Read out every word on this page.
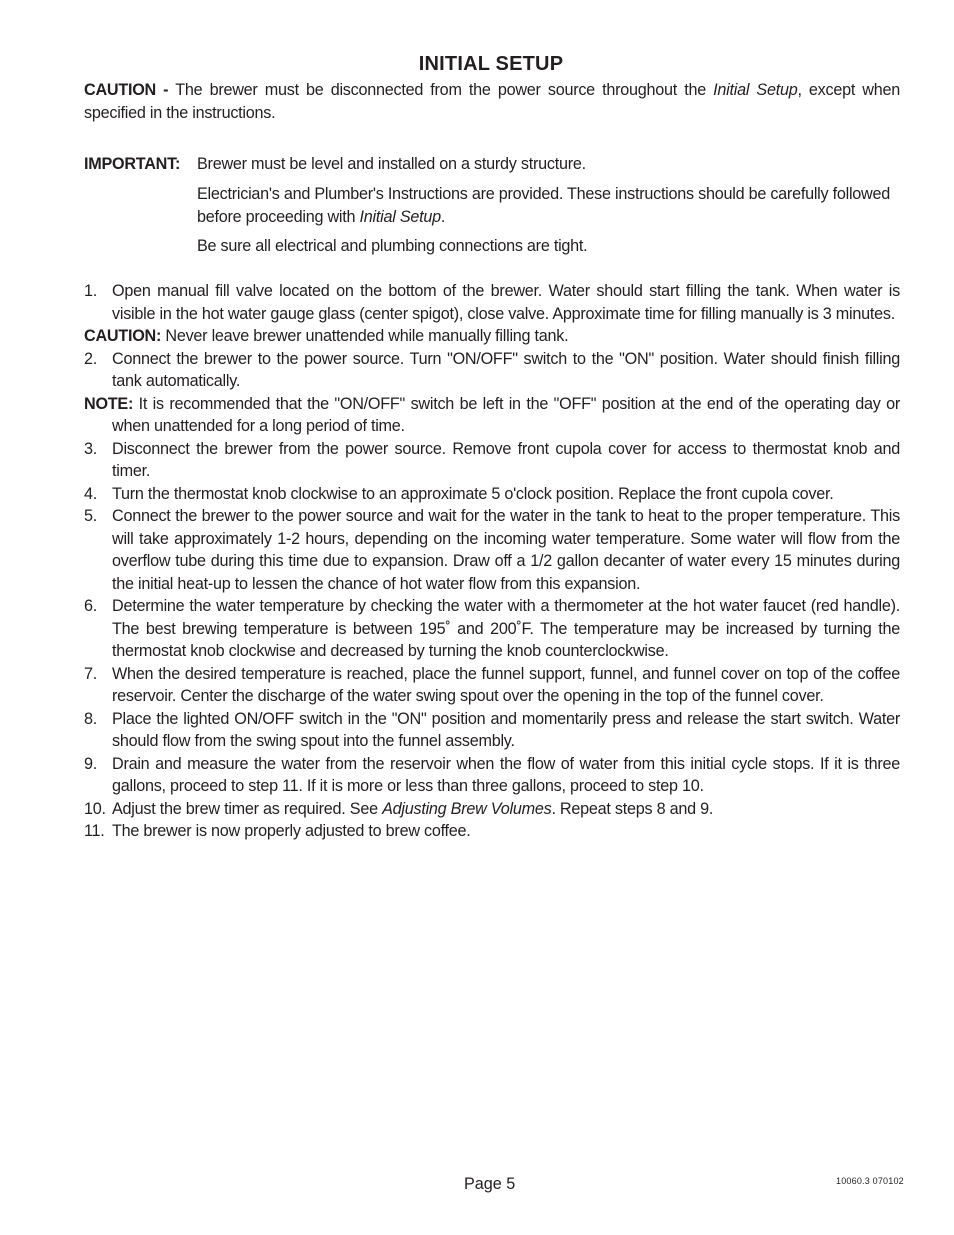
INITIAL SETUP
CAUTION - The brewer must be disconnected from the power source throughout the Initial Setup, except when specified in the instructions.
IMPORTANT: Brewer must be level and installed on a sturdy structure.
Electrician's and Plumber's Instructions are provided. These instructions should be carefully followed before proceeding with Initial Setup.
Be sure all electrical and plumbing connections are tight.
1. Open manual fill valve located on the bottom of the brewer. Water should start filling the tank. When water is visible in the hot water gauge glass (center spigot), close valve. Approximate time for filling manually is 3 minutes.
CAUTION: Never leave brewer unattended while manually filling tank.
2. Connect the brewer to the power source. Turn "ON/OFF" switch to the "ON" position. Water should finish filling tank automatically.
NOTE: It is recommended that the "ON/OFF" switch be left in the "OFF" position at the end of the operating day or
when unattended for a long period of time.
3. Disconnect the brewer from the power source. Remove front cupola cover for access to thermostat knob and timer.
4. Turn the thermostat knob clockwise to an approximate 5 o'clock position. Replace the front cupola cover.
5. Connect the brewer to the power source and wait for the water in the tank to heat to the proper temperature. This will take approximately 1-2 hours, depending on the incoming water temperature. Some water will flow from the overflow tube during this time due to expansion. Draw off a 1/2 gallon decanter of water every 15 minutes during the initial heat-up to lessen the chance of hot water flow from this expansion.
6. Determine the water temperature by checking the water with a thermometer at the hot water faucet (red handle). The best brewing temperature is between 195˚ and 200˚F. The temperature may be increased by turning the thermostat knob clockwise and decreased by turning the knob counterclockwise.
7. When the desired temperature is reached, place the funnel support, funnel, and funnel cover on top of the coffee reservoir. Center the discharge of the water swing spout over the opening in the top of the funnel cover.
8. Place the lighted ON/OFF switch in the "ON" position and momentarily press and release the start switch. Water should flow from the swing spout into the funnel assembly.
9. Drain and measure the water from the reservoir when the flow of water from this initial cycle stops. If it is three gallons, proceed to step 11. If it is more or less than three gallons, proceed to step 10.
10. Adjust the brew timer as required. See Adjusting Brew Volumes. Repeat steps 8 and 9.
11. The brewer is now properly adjusted to brew coffee.
Page 5	10060.3 070102
